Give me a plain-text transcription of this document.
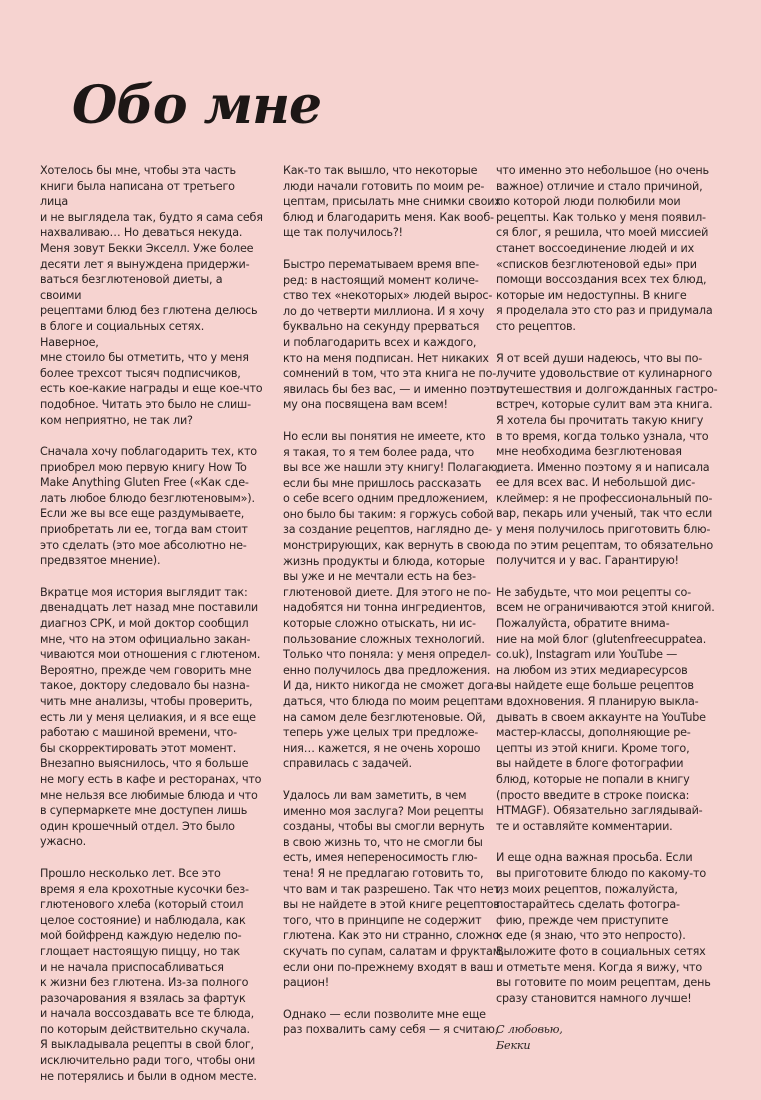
Обо мне

Хотелось бы мне, чтобы эта часть
книги была написана от третьего лица
и не выглядела так, будто я сама себя
нахваливаю… Но деваться некуда.
Меня зовут Бекки Экселл. Уже более
десяти лет я вынуждена придержи-
ваться безглютеновой диеты, а своими
рецептами блюд без глютена делюсь
в блоге и социальных сетях. Наверное,
мне стоило бы отметить, что у меня
более трехсот тысяч подписчиков,
есть кое-какие награды и еще кое-что
подобное. Читать это было не слиш-
ком неприятно, не так ли?

Сначала хочу поблагодарить тех, кто
приобрел мою первую книгу How To
Make Anything Gluten Free («Как сде-
лать любое блюдо безглютеновым»).
Если же вы все еще раздумываете,
приобретать ли ее, тогда вам стоит
это сделать (это мое абсолютно не-
предвзятое мнение).

Вкратце моя история выглядит так:
двенадцать лет назад мне поставили
диагноз СРК, и мой доктор сообщил
мне, что на этом официально закан-
чиваются мои отношения с глютеном.
Вероятно, прежде чем говорить мне
такое, доктору следовало бы назна-
чить мне анализы, чтобы проверить,
есть ли у меня целиакия, и я все еще
работаю с машиной времени, что-
бы скорректировать этот момент.
Внезапно выяснилось, что я больше
не могу есть в кафе и ресторанах, что
мне нельзя все любимые блюда и что
в супермаркете мне доступен лишь
один крошечный отдел. Это было
ужасно.

Прошло несколько лет. Все это
время я ела крохотные кусочки без-
глютенового хлеба (который стоил
целое состояние) и наблюдала, как
мой бойфренд каждую неделю по-
глощает настоящую пиццу, но так
и не начала приспосабливаться
к жизни без глютена. Из-за полного
разочарования я взялась за фартук
и начала воссоздавать все те блюда,
по которым действительно скучала.
Я выкладывала рецепты в свой блог,
исключительно ради того, чтобы они
не потерялись и были в одном месте.

Как-то так вышло, что некоторые
люди начали готовить по моим ре-
цептам, присылать мне снимки своих
блюд и благодарить меня. Как вооб-
ще так получилось?!

Быстро перематываем время впе-
ред: в настоящий момент количе-
ство тех «некоторых» людей вырос-
ло до четверти миллиона. И я хочу
буквально на секунду прерваться
и поблагодарить всех и каждого,
кто на меня подписан. Нет никаких
сомнений в том, что эта книга не по-
явилась бы без вас, — и именно поэто-
му она посвящена вам всем!

Но если вы понятия не имеете, кто
я такая, то я тем более рада, что
вы все же нашли эту книгу! Полагаю,
если бы мне пришлось рассказать
о себе всего одним предложением,
оно было бы таким: я горжусь собой
за создание рецептов, наглядно де-
монстрирующих, как вернуть в свою
жизнь продукты и блюда, которые
вы уже и не мечтали есть на без-
глютеновой диете. Для этого не по-
надобятся ни тонна ингредиентов,
которые сложно отыскать, ни ис-
пользование сложных технологий.
Только что поняла: у меня определ-
енно получилось два предложения.
И да, никто никогда не сможет дога-
даться, что блюда по моим рецептам
на самом деле безглютеновые. Ой,
теперь уже целых три предложе-
ния… кажется, я не очень хорошо
справилась с задачей.

Удалось ли вам заметить, в чем
именно моя заслуга? Мои рецепты
созданы, чтобы вы смогли вернуть
в свою жизнь то, что не смогли бы
есть, имея непереносимость глю-
тена! Я не предлагаю готовить то,
что вам и так разрешено. Так что нет,
вы не найдете в этой книге рецептов
того, что в принципе не содержит
глютена. Как это ни странно, сложно
скучать по супам, салатам и фруктам,
если они по-прежнему входят в ваш
рацион!

Однако — если позволите мне еще
раз похвалить саму себя — я считаю,

что именно это небольшое (но очень
важное) отличие и стало причиной,
по которой люди полюбили мои
рецепты. Как только у меня появил-
ся блог, я решила, что моей миссией
станет воссоединение людей и их
«списков безглютеновой еды» при
помощи воссоздания всех тех блюд,
которые им недоступны. В книге
я проделала это сто раз и придумала
сто рецептов.

Я от всей души надеюсь, что вы по-
лучите удовольствие от кулинарного
путешествия и долгожданных гастро-
встреч, которые сулит вам эта книга.
Я хотела бы прочитать такую книгу
в то время, когда только узнала, что
мне необходима безглютеновая
диета. Именно поэтому я и написала
ее для всех вас. И небольшой дис-
клеймер: я не профессиональный по-
вар, пекарь или ученый, так что если
у меня получилось приготовить блю-
да по этим рецептам, то обязательно
получится и у вас. Гарантирую!

Не забудьте, что мои рецепты со-
всем не ограничиваются этой книгой.
Пожалуйста, обратите внима-
ние на мой блог (glutenfreecuppatea.
co.uk), Instagram или YouTube —
на любом из этих медиаресурсов
вы найдете еще больше рецептов
и вдохновения. Я планирую выкла-
дывать в своем аккаунте на YouTube
мастер-классы, дополняющие ре-
цепты из этой книги. Кроме того,
вы найдете в блоге фотографии
блюд, которые не попали в книгу
(просто введите в строке поиска:
HTMAGF). Обязательно заглядывай-
те и оставляйте комментарии.

И еще одна важная просьба. Если
вы приготовите блюдо по какому-то
из моих рецептов, пожалуйста,
постарайтесь сделать фотогра-
фию, прежде чем приступите
к еде (я знаю, что это непросто).
Выложите фото в социальных сетях
и отметьте меня. Когда я вижу, что
вы готовите по моим рецептам, день
сразу становится намного лучше!

С любовью,
Бекки
